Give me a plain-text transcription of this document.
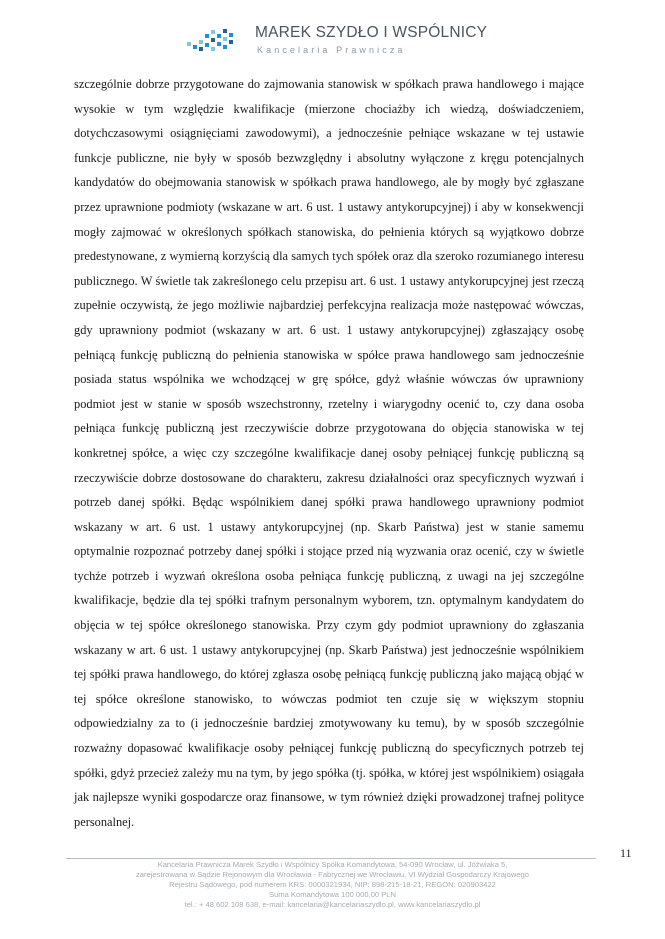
MAREK SZYDŁO I WSPÓLNICY
Kancelaria Prawnicza

szczególnie dobrze przygotowane do zajmowania stanowisk w spółkach prawa handlowego i mające wysokie w tym względzie kwalifikacje (mierzone chociażby ich wiedzą, doświadczeniem, dotychczasowymi osiągnięciami zawodowymi), a jednocześnie pełniące wskazane w tej ustawie funkcje publiczne, nie były w sposób bezwzględny i absolutny wyłączone z kręgu potencjalnych kandydatów do obejmowania stanowisk w spółkach prawa handlowego, ale by mogły być zgłaszane przez uprawnione podmioty (wskazane w art. 6 ust. 1 ustawy antykorupcyjnej) i aby w konsekwencji mogły zajmować w określonych spółkach stanowiska, do pełnienia których są wyjątkowo dobrze predestynowane, z wymierną korzyścią dla samych tych spółek oraz dla szeroko rozumianego interesu publicznego. W świetle tak zakreślonego celu przepisu art. 6 ust. 1 ustawy antykorupcyjnej jest rzeczą zupełnie oczywistą, że jego możliwie najbardziej perfekcyjna realizacja może następować wówczas, gdy uprawniony podmiot (wskazany w art. 6 ust. 1 ustawy antykorupcyjnej) zgłaszający osobę pełniącą funkcję publiczną do pełnienia stanowiska w spółce prawa handlowego sam jednocześnie posiada status wspólnika we wchodzącej w grę spółce, gdyż właśnie wówczas ów uprawniony podmiot jest w stanie w sposób wszechstronny, rzetelny i wiarygodny ocenić to, czy dana osoba pełniąca funkcję publiczną jest rzeczywiście dobrze przygotowana do objęcia stanowiska w tej konkretnej spółce, a więc czy szczególne kwalifikacje danej osoby pełniącej funkcję publiczną są rzeczywiście dobrze dostosowane do charakteru, zakresu działalności oraz specyficznych wyzwań i potrzeb danej spółki. Będąc wspólnikiem danej spółki prawa handlowego uprawniony podmiot wskazany w art. 6 ust. 1 ustawy antykorupcyjnej (np. Skarb Państwa) jest w stanie samemu optymalnie rozpoznać potrzeby danej spółki i stojące przed nią wyzwania oraz ocenić, czy w świetle tychże potrzeb i wyzwań określona osoba pełniąca funkcję publiczną, z uwagi na jej szczególne kwalifikacje, będzie dla tej spółki trafnym personalnym wyborem, tzn. optymalnym kandydatem do objęcia w tej spółce określonego stanowiska. Przy czym gdy podmiot uprawniony do zgłaszania wskazany w art. 6 ust. 1 ustawy antykorupcyjnej (np. Skarb Państwa) jest jednocześnie wspólnikiem tej spółki prawa handlowego, do której zgłasza osobę pełniącą funkcję publiczną jako mającą objąć w tej spółce określone stanowisko, to wówczas podmiot ten czuje się w większym stopniu odpowiedzialny za to (i jednocześnie bardziej zmotywowany ku temu), by w sposób szczególnie rozważny dopasować kwalifikacje osoby pełniącej funkcję publiczną do specyficznych potrzeb tej spółki, gdyż przecież zależy mu na tym, by jego spółka (tj. spółka, w której jest wspólnikiem) osiągała jak najlepsze wyniki gospodarcze oraz finansowe, w tym również dzięki prowadzonej trafnej polityce personalnej.

11
Kancelaria Prawnicza Marek Szydło i Wspólnicy Spółka Komandytowa, 54-090 Wrocław, ul. Jóźwiaka 5,
zarejestrowana w Sądzie Rejonowym dla Wrocławia - Fabrycznej we Wrocławiu, VI Wydział Gospodarczy Krajowego
Rejestru Sądowego, pod numerem KRS: 0000321934, NIP: 898-215-18-21, REGON: 020903422
Suma Komandytowa 100 000,00 PLN
tel.: + 48 602 108 638, e-mail: kancelaria@kancelariaszydlo.pl, www.kancelariaszydlo.pl
